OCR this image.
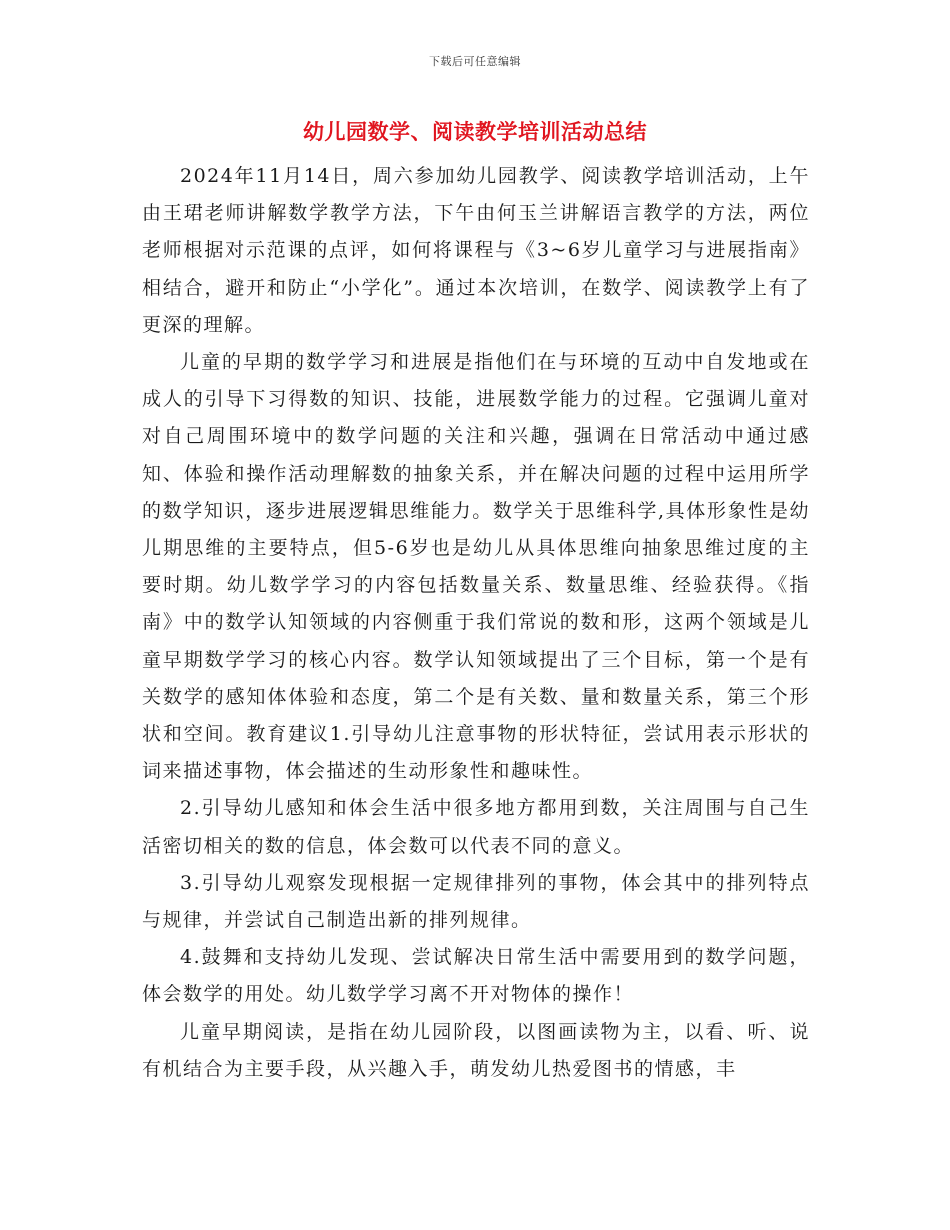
下载后可任意编辑
幼儿园数学、阅读教学培训活动总结

2024年11月14日，周六参加幼儿园教学、阅读教学培训活动，上午由王珺老师讲解数学教学方法，下午由何玉兰讲解语言教学的方法，两位老师根据对示范课的点评，如何将课程与《3~6岁儿童学习与进展指南》相结合，避开和防止“小学化”。通过本次培训，在数学、阅读教学上有了更深的理解。

儿童的早期的数学学习和进展是指他们在与环境的互动中自发地或在成人的引导下习得数的知识、技能，进展数学能力的过程。它强调儿童对对自己周围环境中的数学问题的关注和兴趣，强调在日常活动中通过感知、体验和操作活动理解数的抽象关系，并在解决问题的过程中运用所学的数学知识，逐步进展逻辑思维能力。数学关于思维科学,具体形象性是幼儿期思维的主要特点，但5-6岁也是幼儿从具体思维向抽象思维过度的主要时期。幼儿数学学习的内容包括数量关系、数量思维、经验获得。《指南》中的数学认知领域的内容侧重于我们常说的数和形，这两个领域是儿童早期数学学习的核心内容。数学认知领域提出了三个目标，第一个是有关数学的感知体体验和态度，第二个是有关数、量和数量关系，第三个形状和空间。教育建议1.引导幼儿注意事物的形状特征，尝试用表示形状的词来描述事物，体会描述的生动形象性和趣味性。

2.引导幼儿感知和体会生活中很多地方都用到数，关注周围与自己生活密切相关的数的信息，体会数可以代表不同的意义。

3.引导幼儿观察发现根据一定规律排列的事物，体会其中的排列特点与规律，并尝试自己制造出新的排列规律。

4.鼓舞和支持幼儿发现、尝试解决日常生活中需要用到的数学问题，体会数学的用处。幼儿数学学习离不开对物体的操作！

儿童早期阅读，是指在幼儿园阶段，以图画读物为主，以看、听、说有机结合为主要手段，从兴趣入手，萌发幼儿热爱图书的情感，丰
